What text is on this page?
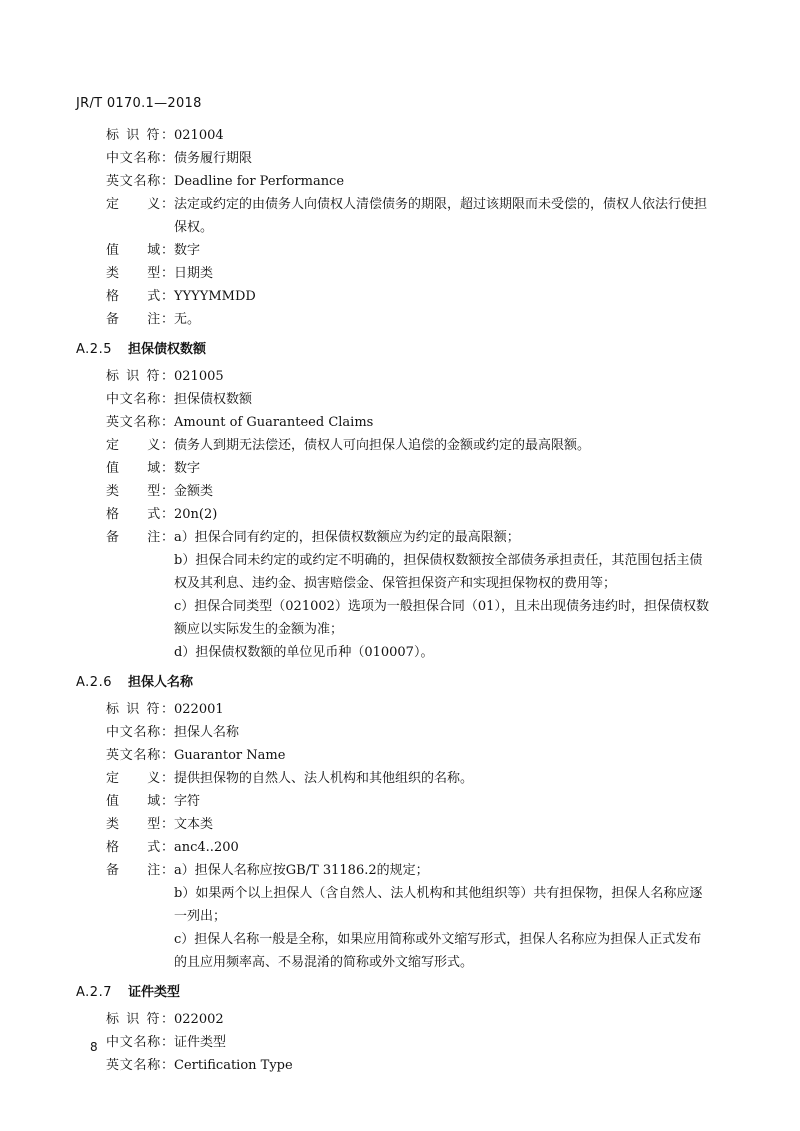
JR/T 0170.1—2018
标 识 符： 021004
中文名称： 债务履行期限
英文名称： Deadline for Performance
定　　义： 法定或约定的由债务人向债权人清偿债务的期限，超过该期限而未受偿的，债权人依法行使担保权。
值　　域： 数字
类　　型： 日期类
格　　式： YYYYMMDD
备　　注： 无。
A.2.5 担保债权数额
标 识 符： 021005
中文名称： 担保债权数额
英文名称： Amount of Guaranteed Claims
定　　义： 债务人到期无法偿还，债权人可向担保人追偿的金额或约定的最高限额。
值　　域： 数字
类　　型： 金额类
格　　式： 20n(2)
备　　注： a）担保合同有约定的，担保债权数额应为约定的最高限额；
b）担保合同未约定的或约定不明确的，担保债权数额按全部债务承担责任，其范围包括主债权及其利息、违约金、损害赔偿金、保管担保资产和实现担保物权的费用等；
c）担保合同类型（021002）选项为一般担保合同（01），且未出现债务违约时，担保债权数额应以实际发生的金额为准；
d）担保债权数额的单位见币种（010007）。
A.2.6 担保人名称
标 识 符： 022001
中文名称： 担保人名称
英文名称： Guarantor Name
定　　义： 提供担保物的自然人、法人机构和其他组织的名称。
值　　域： 字符
类　　型： 文本类
格　　式： anc4..200
备　　注： a）担保人名称应按GB/T 31186.2的规定；
b）如果两个以上担保人（含自然人、法人机构和其他组织等）共有担保物，担保人名称应逐一列出；
c）担保人名称一般是全称，如果应用简称或外文缩写形式，担保人名称应为担保人正式发布的且应用频率高、不易混淆的简称或外文缩写形式。
A.2.7 证件类型
标 识 符： 022002
中文名称： 证件类型
英文名称： Certification Type
8
